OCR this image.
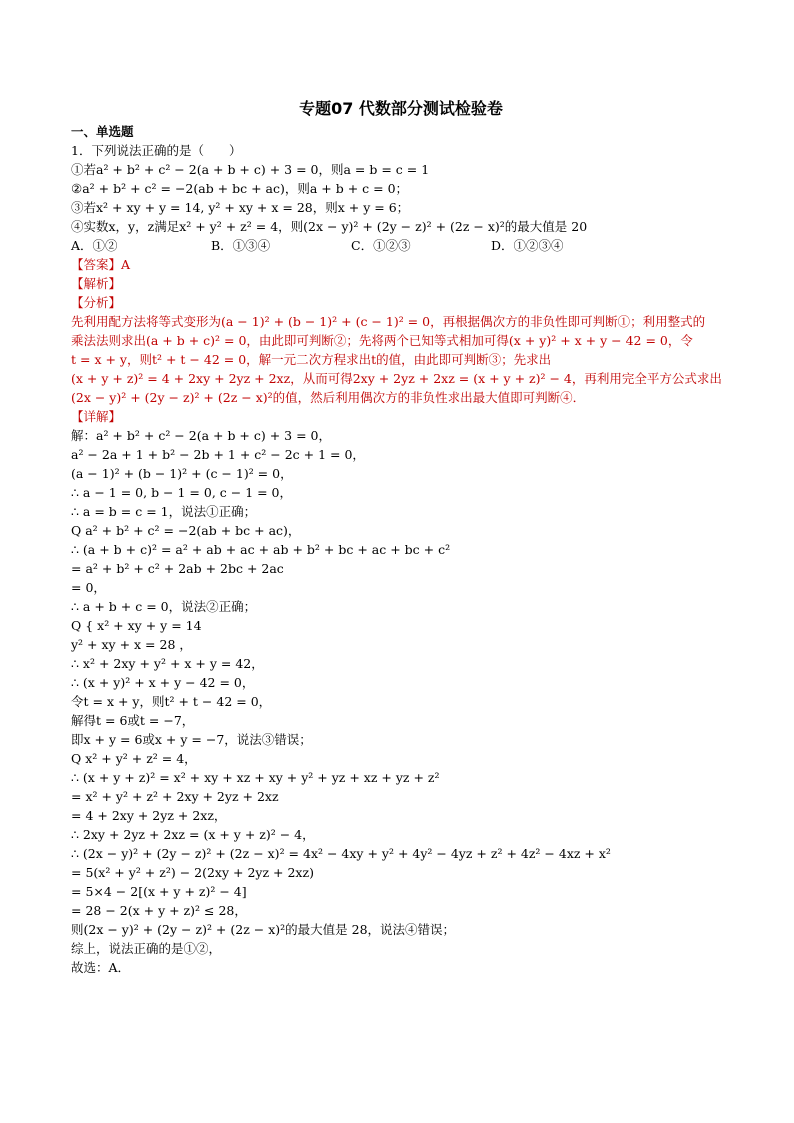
专题07 代数部分测试检验卷
一、单选题
1．下列说法正确的是（　　）
①若a² + b² + c² − 2(a + b + c) + 3 = 0，则a = b = c = 1
②a² + b² + c² = −2(ab + bc + ac)，则a + b + c = 0；
③若x² + xy + y = 14, y² + xy + x = 28，则x + y = 6；
④实数x，y，z满足x² + y² + z² = 4，则(2x − y)² + (2y − z)² + (2z − x)²的最大值是 20
A．①②	B．①③④	C．①②③	D．①②③④
【答案】A
【解析】
【分析】
先利用配方法将等式变形为(a − 1)² + (b − 1)² + (c − 1)² = 0，再根据偶次方的非负性即可判断①；利用整式的
乘法法则求出(a + b + c)² = 0，由此即可判断②；先将两个已知等式相加可得(x + y)² + x + y − 42 = 0，令
t = x + y，则t² + t − 42 = 0，解一元二次方程求出t的值，由此即可判断③；先求出
(x + y + z)² = 4 + 2xy + 2yz + 2xz，从而可得2xy + 2yz + 2xz = (x + y + z)² − 4，再利用完全平方公式求出
(2x − y)² + (2y − z)² + (2z − x)²的值，然后利用偶次方的非负性求出最大值即可判断④．
【详解】
解：a² + b² + c² − 2(a + b + c) + 3 = 0，
a² − 2a + 1 + b² − 2b + 1 + c² − 2c + 1 = 0，
(a − 1)² + (b − 1)² + (c − 1)² = 0，
∴ a − 1 = 0, b − 1 = 0, c − 1 = 0，
∴ a = b = c = 1，说法①正确；
Q a² + b² + c² = −2(ab + bc + ac)，
∴ (a + b + c)² = a² + ab + ac + ab + b² + bc + ac + bc + c²
= a² + b² + c² + 2ab + 2bc + 2ac
= 0，
∴ a + b + c = 0，说法②正确；
Q { x² + xy + y = 14
y² + xy + x = 28 ，
∴ x² + 2xy + y² + x + y = 42，
∴ (x + y)² + x + y − 42 = 0，
令t = x + y，则t² + t − 42 = 0，
解得t = 6或t = −7，
即x + y = 6或x + y = −7，说法③错误；
Q x² + y² + z² = 4，
∴ (x + y + z)² = x² + xy + xz + xy + y² + yz + xz + yz + z²
= x² + y² + z² + 2xy + 2yz + 2xz
= 4 + 2xy + 2yz + 2xz，
∴ 2xy + 2yz + 2xz = (x + y + z)² − 4，
∴ (2x − y)² + (2y − z)² + (2z − x)² = 4x² − 4xy + y² + 4y² − 4yz + z² + 4z² − 4xz + x²
= 5(x² + y² + z²) − 2(2xy + 2yz + 2xz)
= 5×4 − 2[(x + y + z)² − 4]
= 28 − 2(x + y + z)² ≤ 28，
则(2x − y)² + (2y − z)² + (2z − x)²的最大值是 28，说法④错误；
综上，说法正确的是①②，
故选：A．
